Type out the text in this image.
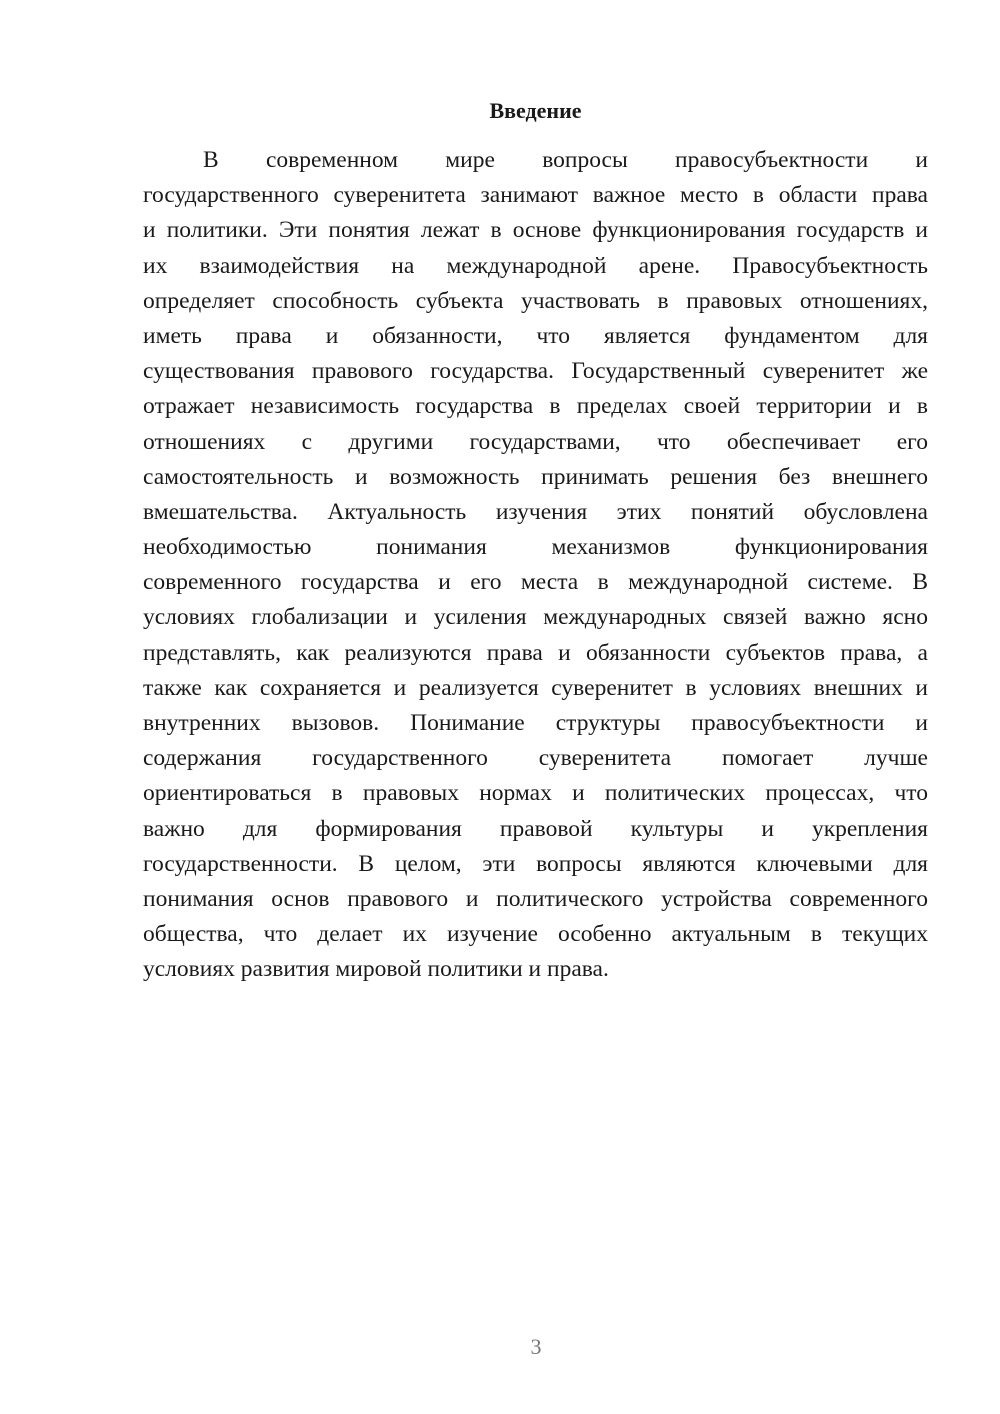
Введение
В современном мире вопросы правосубъектности и
государственного суверенитета занимают важное место в области права
и политики. Эти понятия лежат в основе функционирования государств и
их взаимодействия на международной арене. Правосубъектность
определяет способность субъекта участвовать в правовых отношениях,
иметь права и обязанности, что является фундаментом для
существования правового государства. Государственный суверенитет же
отражает независимость государства в пределах своей территории и в
отношениях с другими государствами, что обеспечивает его
самостоятельность и возможность принимать решения без внешнего
вмешательства. Актуальность изучения этих понятий обусловлена
необходимостью понимания механизмов функционирования
современного государства и его места в международной системе. В
условиях глобализации и усиления международных связей важно ясно
представлять, как реализуются права и обязанности субъектов права, а
также как сохраняется и реализуется суверенитет в условиях внешних и
внутренних вызовов. Понимание структуры правосубъектности и
содержания государственного суверенитета помогает лучше
ориентироваться в правовых нормах и политических процессах, что
важно для формирования правовой культуры и укрепления
государственности. В целом, эти вопросы являются ключевыми для
понимания основ правового и политического устройства современного
общества, что делает их изучение особенно актуальным в текущих
условиях развития мировой политики и права.
3
